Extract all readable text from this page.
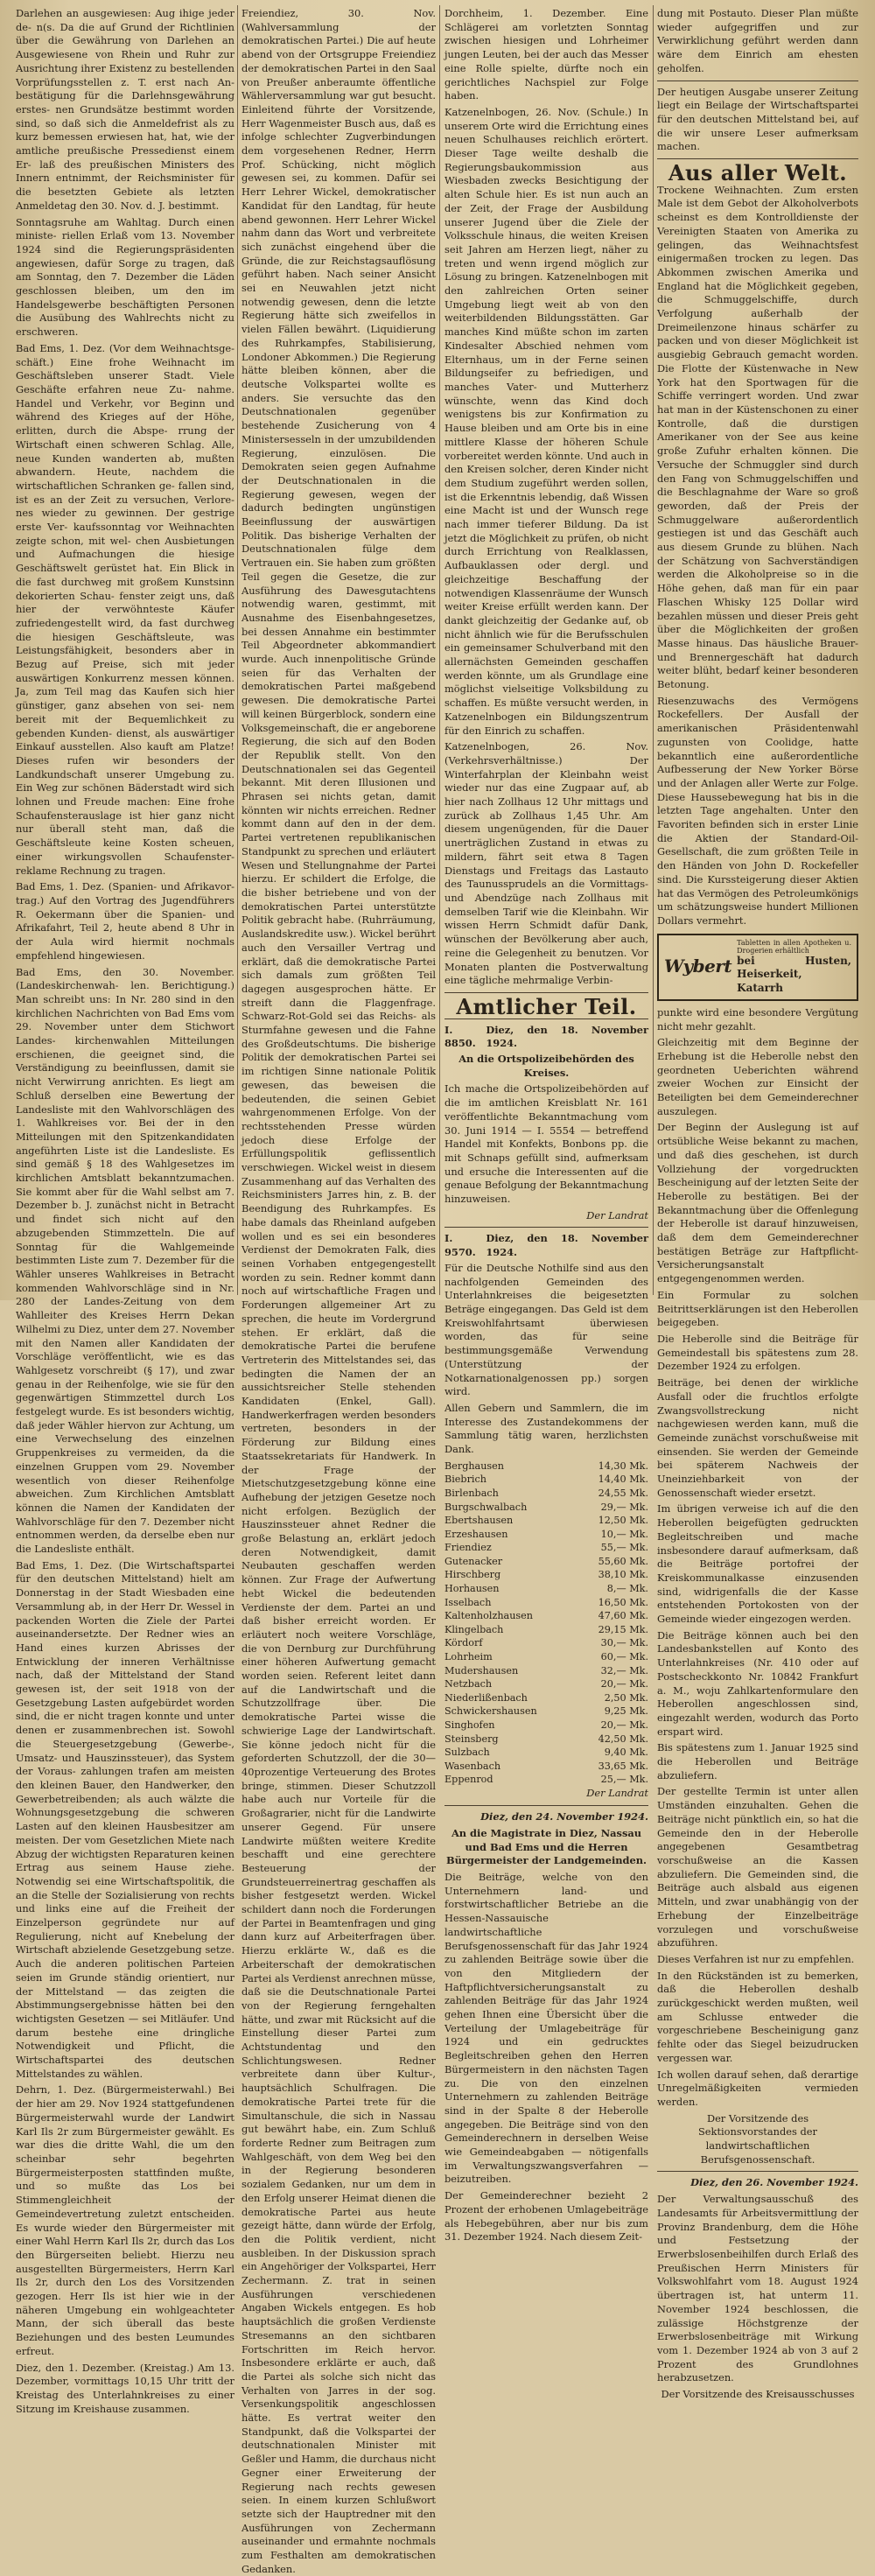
Darlehen an ausgewiesen: Aug ihige jeder de- n(s. Da die auf Grund der Richtlinien über die Gewährung von Darlehen an Ausgewiesene von Rhein und Ruhr zur Ausrichtung ihrer Existenz zu bestellenden Vorprüfungsstellen z. T. erst nach An- bestätigung für die Darlehnsgewährung erstes- nen Grundsätze bestimmt worden sind, so daß sich die Anmeldefrist als zu kurz bemessen erwiesen hat, hat, wie der amtliche preußische Pressedienst einem Er- laß des preußischen Ministers des Innern entnimmt, der Reichsminister für die besetzten Gebiete als letzten Anmeldetag den 30. Nov. d. J. bestimmt.

Sonntagsruhe am Wahltag. Durch einen ministe- riellen Erlaß vom 13. November 1924 sind die Regierungspräsidenten angewiesen, dafür Sorge zu tragen, daß am Sonntag, den 7. Dezember die Läden geschlossen bleiben, um den im Handelsgewerbe beschäftigten Personen die Ausübung des Wahlrechts nicht zu erschweren.

Bad Ems, 1. Dez. (Vor dem Weihnachtsge- schäft.) Eine frohe Weihnacht im Geschäftsleben unserer Stadt. Viele Geschäfte erfahren neue Zu- nahme. Handel und Verkehr, vor Beginn und während des Krieges auf der Höhe, erlitten, durch die Abspe- rrung der Wirtschaft einen schweren Schlag. Alle, neue Kunden wanderten ab, mußten abwandern. Heute, nachdem die wirtschaftlichen Schranken ge- fallen sind, ist es an der Zeit zu versuchen, Verlore- nes wieder zu gewinnen. Der gestrige erste Ver- kaufssonntag vor Weihnachten zeigte schon, mit wel- chen Ausbietungen und Aufmachungen die hiesige Geschäftswelt gerüstet hat. Ein Blick in die fast durchweg mit großem Kunstsinn dekorierten Schau- fenster zeigt uns, daß hier der verwöhnteste Käufer zufriedengestellt wird, da fast durchweg die hiesigen Geschäftsleute, was Leistungsfähigkeit, besonders aber in Bezug auf Preise, sich mit jeder auswärtigen Konkurrenz messen können. Ja, zum Teil mag das Kaufen sich hier günstiger, ganz absehen von sei- nem bereit mit der Bequemlichkeit zu gebenden Kunden- dienst, als auswärtiger Einkauf ausstellen. Also kauft am Platze! Dieses rufen wir besonders der Landkundschaft unserer Umgebung zu. Ein Weg zur schönen Bäderstadt wird sich lohnen und Freude machen: Eine frohe Schaufensterauslage ist hier ganz nicht nur überall steht man, daß die Geschäftsleute keine Kosten scheuen, einer wirkungsvollen Schaufenster- reklame Rechnung zu tragen.

Bad Ems, 1. Dez. (Spanien- und Afrikavor- trag.) Auf den Vortrag des Jugendführers R. Oekermann über die Spanien- und Afrikafahrt, Teil 2, heute abend 8 Uhr in der Aula wird hiermit nochmals empfehlend hingewiesen.

Bad Ems, den 30. November. (Landeskirchenwah- len. Berichtigung.) Man schreibt uns: In Nr. 280 sind in den kirchlichen Nachrichten von Bad Ems vom 29. November unter dem Stichwort Landes- kirchenwahlen Mitteilungen erschienen, die geeignet sind, die Verständigung zu beeinflussen, damit sie nicht Verwirrung anrichten. Es liegt am Schluß derselben eine Bewertung der Landesliste mit den Wahlvorschlägen des 1. Wahlkreises vor. Bei der in den Mitteilungen mit den Spitzenkandidaten angeführten Liste ist die Landesliste. Es sind gemäß § 18 des Wahlgesetzes im kirchlichen Amtsblatt bekanntzumachen. Sie kommt aber für die Wahl selbst am 7. Dezember b. J. zunächst nicht in Betracht und findet sich nicht auf den abzugebenden Stimmzetteln. Die auf Sonntag für die Wahlgemeinde bestimmten Liste zum 7. Dezember für die Wähler unseres Wahlkreises in Betracht kommenden Wahlvorschläge sind in Nr. 280 der Landes-Zeitung von dem Wahlleiter des Kreises Herrn Dekan Wilhelmi zu Diez, unter dem 27. November mit den Namen aller Kandidaten der Vorschläge veröffentlicht, wie es das Wahlgesetz vorschreibt (§ 17), und zwar genau in der Reihenfolge, wie sie für den gegenwärtigen Stimmzettel durch Los festgelegt wurde. Es ist besonders wichtig, daß jeder Wähler hiervon zur Achtung, um eine Verwechselung des einzelnen Gruppenkreises zu vermeiden, da die einzelnen Gruppen vom 29. November wesentlich von dieser Reihenfolge abweichen. Zum Kirchlichen Amtsblatt können die Namen der Kandidaten der Wahlvorschläge für den 7. Dezember nicht entnommen werden, da derselbe eben nur die Landesliste enthält.

Bad Ems, 1. Dez. (Die Wirtschaftspartei für den deutschen Mittelstand) hielt am Donnerstag in der Stadt Wiesbaden eine Versammlung ab, in der Herr Dr. Wessel in packenden Worten die Ziele der Partei auseinandersetzte. Der Redner wies an Hand eines kurzen Abrisses der Entwicklung der inneren Verhältnisse nach, daß der Mittelstand der Stand gewesen ist, der seit 1918 von der Gesetzgebung Lasten aufgebürdet worden sind, die er nicht tragen konnte und unter denen er zusammenbrechen ist. Sowohl die Steuergesetzgebung (Gewerbe-, Umsatz- und Hauszinssteuer), das System der Voraus- zahlungen trafen am meisten den kleinen Bauer, den Handwerker, den Gewerbetreibenden; als auch wälzte die Wohnungsgesetzgebung die schweren Lasten auf den kleinen Hausbesitzer am meisten. Der vom Gesetzlichen Miete nach Abzug der wichtigsten Reparaturen keinen Ertrag aus seinem Hause ziehe. Notwendig sei eine Wirtschaftspolitik, die an die Stelle der Sozialisierung von rechts und links eine auf die Freiheit der Einzelperson gegründete nur auf Regulierung, nicht auf Knebelung der Wirtschaft abzielende Gesetzgebung setze. Auch die anderen politischen Parteien seien im Grunde ständig orientiert, nur der Mittelstand — das zeigten die Abstimmungsergebnisse hätten bei den wichtigsten Gesetzen — sei Mitläufer. Und darum bestehe eine dringliche Notwendigkeit und Pflicht, die Wirtschaftspartei des deutschen Mittelstandes zu wählen.

Dehrn, 1. Dez. (Bürgermeisterwahl.) Bei der hier am 29. Nov 1924 stattgefundenen Bürgermeisterwahl wurde der Landwirt Karl Ils 2r zum Bürgermeister gewählt. Es war dies die dritte Wahl, die um den scheinbar sehr begehrten Bürgermeisterposten stattfinden mußte, und so mußte das Los bei Stimmengleichheit der Gemeindevertretung zuletzt entscheiden. Es wurde wieder den Bürgermeister mit einer Wahl Herrn Karl Ils 2r, durch das Los den Bürgerseiten beliebt. Hierzu neu ausgestellten Bürgermeisters, Herrn Karl Ils 2r, durch den Los des Vorsitzenden gezogen. Herr Ils ist hier wie in der näheren Umgebung ein wohlgeachteter Mann, der sich überall das beste Beziehungen und des besten Leumundes erfreut.

Diez, den 1. Dezember. (Kreistag.) Am 13. Dezember, vormittags 10,15 Uhr tritt der Kreistag des Unterlahnkreises zu einer Sitzung im Kreishause zusammen.

Freiendiez, 30. Nov. (Wahlversammlung der demokratischen Partei.) Die auf heute abend von der Ortsgruppe Freiendiez der demokratischen Partei in den Saal von Preußer anberaumte öffentliche Wählerversammlung war gut besucht. Einleitend führte der Vorsitzende, Herr Wagenmeister Busch aus, daß es infolge schlechter Zugverbindungen dem vorgesehenen Redner, Herrn Prof. Schücking, nicht möglich gewesen sei, zu kommen. Dafür sei Herr Lehrer Wickel, demokratischer Kandidat für den Landtag, für heute abend gewonnen. Herr Lehrer Wickel nahm dann das Wort und verbreitete sich zunächst eingehend über die Gründe, die zur Reichstagsauflösung geführt haben. Nach seiner Ansicht sei en Neuwahlen jetzt nicht notwendig gewesen, denn die letzte Regierung hätte sich zweifellos in vielen Fällen bewährt. (Liquidierung des Ruhrkampfes, Stabilisierung, Londoner Abkommen.) Die Regierung hätte bleiben können, aber die deutsche Volkspartei wollte es anders. Sie versuchte das den Deutschnationalen gegenüber bestehende Zusicherung von 4 Ministersesseln in der umzubildenden Regierung, einzulösen. Die Demokraten seien gegen Aufnahme der Deutschnationalen in die Regierung gewesen, wegen der dadurch bedingten ungünstigen Beeinflussung der auswärtigen Politik. Das bisherige Verhalten der Deutschnationalen fülge dem Vertrauen ein. Sie haben zum größten Teil gegen die Gesetze, die zur Ausführung des Dawesgutachtens notwendig waren, gestimmt, mit Ausnahme des Eisenbahngesetzes, bei dessen Annahme ein bestimmter Teil Abgeordneter abkommandiert wurde. Auch innenpolitische Gründe seien für das Verhalten der demokratischen Partei maßgebend gewesen. Die demokratische Partei will keinen Bürgerblock, sondern eine Volksgemeinschaft, die er angeborene Regierung, die sich auf den Boden der Republik stellt. Von den Deutschnationalen sei das Gegenteil bekannt. Mit deren Illusionen und Phrasen sei nichts getan, damit könnten wir nichts erreichen. Redner kommt dann auf den in der dem. Partei vertretenen republikanischen Standpunkt zu sprechen und erläutert Wesen und Stellungnahme der Partei hierzu. Er schildert die Erfolge, die die bisher betriebene und von der demokratischen Partei unterstützte Politik gebracht habe. (Ruhrräumung, Auslandskredite usw.). Wickel berührt auch den Versailler Vertrag und erklärt, daß die demokratische Partei sich damals zum größten Teil dagegen ausgesprochen hätte. Er streift dann die Flaggenfrage. Schwarz-Rot-Gold sei das Reichs- als Sturmfahne gewesen und die Fahne des Großdeutschtums. Die bisherige Politik der demokratischen Partei sei im richtigen Sinne nationale Politik gewesen, das beweisen die bedeutenden, die seinen Gebiet wahrgenommenen Erfolge. Von der rechtsstehenden Presse würden jedoch diese Erfolge der Erfüllungspolitik geflissentlich verschwiegen. Wickel weist in diesem Zusammenhang auf das Verhalten des Reichsministers Jarres hin, z. B. der Beendigung des Ruhrkampfes. Es habe damals das Rheinland aufgeben wollen und es sei ein besonderes Verdienst der Demokraten Falk, dies seinen Vorhaben entgegengestellt worden zu sein. Redner kommt dann noch auf wirtschaftliche Fragen und Forderungen allgemeiner Art zu sprechen, die heute im Vordergrund stehen. Er erklärt, daß die demokratische Partei die berufene Vertreterin des Mittelstandes sei, das bedingten die Namen der an aussichtsreicher Stelle stehenden Kandidaten (Enkel, Gall). Handwerkerfragen werden besonders vertreten, besonders in der Förderung zur Bildung eines Staatssekretariats für Handwerk. In der Frage der Mietschutzgesetzgebung könne eine Aufhebung der jetzigen Gesetze noch nicht erfolgen. Bezüglich der Hauszinssteuer ahnet Redner die große Belastung an, erklärt jedoch deren Notwendigkeit, damit Neubauten geschaffen werden können. Zur Frage der Aufwertung hebt Wickel die bedeutenden Verdienste der dem. Partei an und daß bisher erreicht worden. Er erläutert noch weitere Vorschläge, die von Dernburg zur Durchführung einer höheren Aufwertung gemacht worden seien. Referent leitet dann auf die Landwirtschaft und die Schutzzollfrage über. Die demokratische Partei wisse die schwierige Lage der Landwirtschaft. Sie könne jedoch nicht für die geforderten Schutzzoll, der die 30—40prozentige Verteuerung des Brotes bringe, stimmen. Dieser Schutzzoll habe auch nur Vorteile für die Großagrarier, nicht für die Landwirte unserer Gegend. Für unsere Landwirte müßten weitere Kredite beschafft und eine gerechtere Besteuerung der Grundsteuerreinertrag geschaffen als bisher festgesetzt werden. Wickel schildert dann noch die Forderungen der Partei in Beamtenfragen und ging dann kurz auf Arbeiterfragen über. Hierzu erklärte W., daß es die Arbeiterschaft der demokratischen Partei als Verdienst anrechnen müsse, daß sie die Deutschnationale Partei von der Regierung ferngehalten hätte, und zwar mit Rücksicht auf die Einstellung dieser Partei zum Achtstundentag und den Schlichtungswesen. Redner verbreitete dann über Kultur-, hauptsächlich Schulfragen. Die demokratische Partei trete für die Simultanschule, die sich in Nassau gut bewährt habe, ein. Zum Schluß forderte Redner zum Beitragen zum Wahlgeschäft, von dem Weg bei den in der Regierung besonderen sozialem Gedanken, nur um dem in den Erfolg unserer Heimat dienen die demokratische Partei aus heute gezeigt hätte, dann würde der Erfolg, den die Politik verdient, nicht ausbleiben. In der Diskussion sprach ein Angehöriger der Volkspartei, Herr Zechermann. Z. trat in seinen Ausführungen verschiedenen Angaben Wickels entgegen. Es hob hauptsächlich die großen Verdienste Stresemanns an den sichtbaren Fortschritten im Reich hervor. Insbesondere erklärte er auch, daß die Partei als solche sich nicht das Verhalten von Jarres in der sog. Versenkungspolitik angeschlossen hätte. Es vertrat weiter den Standpunkt, daß die Volkspartei der deutschnationalen Minister mit Geßler und Hamm, die durchaus nicht Gegner einer Erweiterung der Regierung nach rechts gewesen seien. In einem kurzen Schlußwort setzte sich der Hauptredner mit den Ausführungen von Zechermann auseinander und ermahnte nochmals zum Festhalten am demokratischen Gedanken.

Dorchheim, 1. Dezember. Eine Schlägerei am vorletzten Sonntag zwischen hiesigen und Lohrheimer jungen Leuten, bei der auch das Messer eine Rolle spielte, dürfte noch ein gerichtliches Nachspiel zur Folge haben.

Katzenelnbogen, 26. Nov. (Schule.) In unserem Orte wird die Errichtung eines neuen Schulhauses reichlich erörtert. Dieser Tage weilte deshalb die Regierungsbaukommission aus Wiesbaden zwecks Besichtigung der alten Schule hier. Es ist nun auch an der Zeit, der Frage der Ausbildung unserer Jugend über die Ziele der Volksschule hinaus, die weiten Kreisen seit Jahren am Herzen liegt, näher zu treten und wenn irgend möglich zur Lösung zu bringen. Katzenelnbogen mit den zahlreichen Orten seiner Umgebung liegt weit ab von den weiterbildenden Bildungsstätten. Gar manches Kind müßte schon im zarten Kindesalter Abschied nehmen vom Elternhaus, um in der Ferne seinen Bildungseifer zu befriedigen, und manches Vater- und Mutterherz wünschte, wenn das Kind doch wenigstens bis zur Konfirmation zu Hause bleiben und am Orte bis in eine mittlere Klasse der höheren Schule vorbereitet werden könnte. Und auch in den Kreisen solcher, deren Kinder nicht dem Studium zugeführt werden sollen, ist die Erkenntnis lebendig, daß Wissen eine Macht ist und der Wunsch rege nach immer tieferer Bildung. Da ist jetzt die Möglichkeit zu prüfen, ob nicht durch Errichtung von Realklassen, Aufbauklassen oder dergl. und gleichzeitige Beschaffung der notwendigen Klassenräume der Wunsch weiter Kreise erfüllt werden kann. Der dankt gleichzeitig der Gedanke auf, ob nicht ähnlich wie für die Berufsschulen ein gemeinsamer Schulverband mit den allernächsten Gemeinden geschaffen werden könnte, um als Grundlage eine möglichst vielseitige Volksbildung zu schaffen. Es müßte versucht werden, in Katzenelnbogen ein Bildungszentrum für den Einrich zu schaffen.

Katzenelnbogen, 26. Nov. (Verkehrsverhältnisse.) Der Winterfahrplan der Kleinbahn weist wieder nur das eine Zugpaar auf, ab hier nach Zollhaus 12 Uhr mittags und zurück ab Zollhaus 1,45 Uhr. Am diesem ungenügenden, für die Dauer unerträglichen Zustand in etwas zu mildern, fährt seit etwa 8 Tagen Dienstags und Freitags das Lastauto des Taunussprudels an die Vormittags- und Abendzüge nach Zollhaus mit demselben Tarif wie die Kleinbahn. Wir wissen Herrn Schmidt dafür Dank, wünschen der Bevölkerung aber auch, reine die Gelegenheit zu benutzen. Vor Monaten planten die Postverwaltung eine tägliche mehrmalige Verbin-

Amtlicher Teil.
I. 8850.
Diez, den 18. November 1924.

An die Ortspolizeibehörden des Kreises.

Ich mache die Ortspolizeibehörden auf die im amtlichen Kreisblatt Nr. 161 veröffentlichte Bekanntmachung vom 30. Juni 1914 — I. 5554 — betreffend Handel mit Konfekts, Bonbons pp. die mit Schnaps gefüllt sind, aufmerksam und ersuche die Interessenten auf die genaue Befolgung der Bekanntmachung hinzuweisen.

Der Landrat

I. 9570.
Diez, den 18. November 1924.

Für die Deutsche Nothilfe sind aus den nachfolgenden Gemeinden des Unterlahnkreises die beigesetzten Beträge eingegangen. Das Geld ist dem Kreiswohlfahrtsamt überwiesen worden, das für seine bestimmungsgemäße Verwendung (Unterstützung der Notkarnationalgenossen pp.) sorgen wird.

Allen Gebern und Sammlern, die im Interesse des Zustandekommens der Sammlung tätig waren, herzlichsten Dank.

Berghausen		14,30 Mk.
Biebrich		14,40 Mk.
Birlenbach		24,55 Mk.
Burgschwalbach		29,— Mk.
Ebertshausen		12,50 Mk.
Erzeshausen		10,— Mk.
Friendiez		55,— Mk.
Gutenacker		55,60 Mk.
Hirschberg		38,10 Mk.
Horhausen		8,— Mk.
Isselbach		16,50 Mk.
Kaltenholzhausen		47,60 Mk.
Klingelbach		29,15 Mk.
Kördorf		30,— Mk.
Lohrheim		60,— Mk.
Mudershausen		32,— Mk.
Netzbach		20,— Mk.
Niederlißenbach		2,50 Mk.
Schwickershausen		9,25 Mk.
Singhofen		20,— Mk.
Steinsberg		42,50 Mk.
Sulzbach		9,40 Mk.
Wasenbach		33,65 Mk.
Eppenrod		25,— Mk.

Der Landrat

Diez, den 24. November 1924.

An die Magistrate in Diez, Nassau und Bad Ems und die Herren Bürgermeister der Landgemeinden.

Die Beiträge, welche von den Unternehmern land- und forstwirtschaftlicher Betriebe an die Hessen-Nassauische landwirtschaftliche Berufsgenossenschaft für das Jahr 1924 zu zahlenden Beiträge sowie über die von den Mitgliedern der Haftpflichtversicherungsanstalt zu zahlenden Beiträge für das Jahr 1924 gehen Ihnen eine Übersicht über die Verteilung der Umlagebeiträge für 1924 und ein gedrucktes Begleitschreiben gehen den Herren Bürgermeistern in den nächsten Tagen zu. Die von den einzelnen Unternehmern zu zahlenden Beiträge sind in der Spalte 8 der Heberolle angegeben. Die Beiträge sind von den Gemeinderechnern in derselben Weise wie Gemeindeabgaben — nötigenfalls im Verwaltungszwangsverfahren — beizutreiben.

Der Gemeinderechner bezieht 2 Prozent der erhobenen Umlagebeiträge als Hebegebühren, aber nur bis zum 31. Dezember 1924. Nach diesem Zeit-

dung mit Postauto. Dieser Plan müßte wieder aufgegriffen und zur Verwirklichung geführt werden dann wäre dem Einrich am ehesten geholfen.

Der heutigen Ausgabe unserer Zeitung liegt ein Beilage der Wirtschaftspartei für den deutschen Mittelstand bei, auf die wir unsere Leser aufmerksam machen.

Aus aller Welt.

Trockene Weihnachten. Zum ersten Male ist dem Gebot der Alkoholverbots scheinst es dem Kontrolldienste der Vereinigten Staaten von Amerika zu gelingen, das Weihnachtsfest einigermaßen trocken zu legen. Das Abkommen zwischen Amerika und England hat die Möglichkeit gegeben, die Schmuggelschiffe, durch Verfolgung außerhalb der Dreimeilenzone hinaus schärfer zu packen und von dieser Möglichkeit ist ausgiebig Gebrauch gemacht worden. Die Flotte der Küstenwache in New York hat den Sportwagen für die Schiffe verringert worden. Und zwar hat man in der Küstenschonen zu einer Kontrolle, daß die durstigen Amerikaner von der See aus keine große Zufuhr erhalten können. Die Versuche der Schmuggler sind durch den Fang von Schmuggelschiffen und die Beschlagnahme der Ware so groß geworden, daß der Preis der Schmuggelware außerordentlich gestiegen ist und das Geschäft auch aus diesem Grunde zu blühen. Nach der Schätzung von Sachverständigen werden die Alkoholpreise so in die Höhe gehen, daß man für ein paar Flaschen Whisky 125 Dollar wird bezahlen müssen und dieser Preis geht über die Möglichkeiten der großen Masse hinaus. Das häusliche Brauer- und Brennergeschäft hat dadurch weiter blüht, bedarf keiner besonderen Betonung.

Riesenzuwachs des Vermögens Rockefellers. Der Ausfall der amerikanischen Präsidentenwahl zugunsten von Coolidge, hatte bekanntlich eine außerordentliche Aufbesserung der New Yorker Börse und der Anlagen aller Werte zur Folge. Diese Haussebewegung hat bis in die letzten Tage angehalten. Unter den Favoriten befinden sich in erster Linie die Aktien der Standard-Oil-Gesellschaft, die zum größten Teile in den Händen von John D. Rockefeller sind. Die Kurssteigerung dieser Aktien hat das Vermögen des Petroleumkönigs um schätzungsweise hundert Millionen Dollars vermehrt.

Wybert
Tabletten in allen Apotheken u. Drogerien erhältlich
bei Husten, Heiserkeit, Katarrh

punkte wird eine besondere Vergütung nicht mehr gezahlt.

Gleichzeitig mit dem Beginne der Erhebung ist die Heberolle nebst den geordneten Ueberichten während zweier Wochen zur Einsicht der Beteiligten bei dem Gemeinderechner auszulegen.

Der Beginn der Auslegung ist auf ortsübliche Weise bekannt zu machen, und daß dies geschehen, ist durch Vollziehung der vorgedruckten Bescheinigung auf der letzten Seite der Heberolle zu bestätigen. Bei der Bekanntmachung über die Offenlegung der Heberolle ist darauf hinzuweisen, daß dem dem Gemeinderechner bestätigen Beträge zur Haftpflicht-Versicherungsanstalt entgegengenommen werden.

Ein Formular zu solchen Beitrittserklärungen ist den Heberollen beigegeben.

Die Heberolle sind die Beiträge für Gemeindestall bis spätestens zum 28. Dezember 1924 zu erfolgen.

Beiträge, bei denen der wirkliche Ausfall oder die fruchtlos erfolgte Zwangsvollstreckung nicht nachgewiesen werden kann, muß die Gemeinde zunächst vorschußweise mit einsenden. Sie werden der Gemeinde bei späterem Nachweis der Uneinziehbarkeit von der Genossenschaft wieder ersetzt.

Im übrigen verweise ich auf die den Heberollen beigefügten gedruckten Begleitschreiben und mache insbesondere darauf aufmerksam, daß die Beiträge portofrei der Kreiskommunalkasse einzusenden sind, widrigenfalls die der Kasse entstehenden Portokosten von der Gemeinde wieder eingezogen werden.

Die Beiträge können auch bei den Landesbankstellen auf Konto des Unterlahnkreises (Nr. 410 oder auf Postscheckkonto Nr. 10842 Frankfurt a. M., woju Zahlkartenformulare den Heberollen angeschlossen sind, eingezahlt werden, wodurch das Porto erspart wird.

Bis spätestens zum 1. Januar 1925 sind die Heberollen und Beiträge abzuliefern.

Der gestellte Termin ist unter allen Umständen einzuhalten. Gehen die Beiträge nicht pünktlich ein, so hat die Gemeinde den in der Heberolle angegebenen Gesamtbetrag vorschußweise an die Kassen abzuliefern. Die Gemeinden sind, die Beiträge auch alsbald aus eigenen Mitteln, und zwar unabhängig von der Erhebung der Einzelbeiträge vorzulegen und vorschußweise abzuführen.

Dieses Verfahren ist nur zu empfehlen.

In den Rückständen ist zu bemerken, daß die Heberollen deshalb zurückgeschickt werden mußten, weil am Schlusse entweder die vorgeschriebene Bescheinigung ganz fehlte oder das Siegel beizudrucken vergessen war.

Ich wollen darauf sehen, daß derartige Unregelmäßigkeiten vermieden werden.

Der Vorsitzende des Sektionsvorstandes der landwirtschaftlichen Berufsgenossenschaft.

Diez, den 26. November 1924.

Der Verwaltungsausschuß des Landesamts für Arbeitsvermittlung der Provinz Brandenburg, dem die Höhe und Festsetzung der Erwerbslosenbeihilfen durch Erlaß des Preußischen Herrn Ministers für Volkswohlfahrt vom 18. August 1924 übertragen ist, hat unterm 11. November 1924 beschlossen, die zulässige Höchstgrenze der Erwerbslosenbeiträge mit Wirkung vom 1. Dezember 1924 ab von 3 auf 2 Prozent des Grundlohnes herabzusetzen.

Der Vorsitzende des Kreisausschusses
